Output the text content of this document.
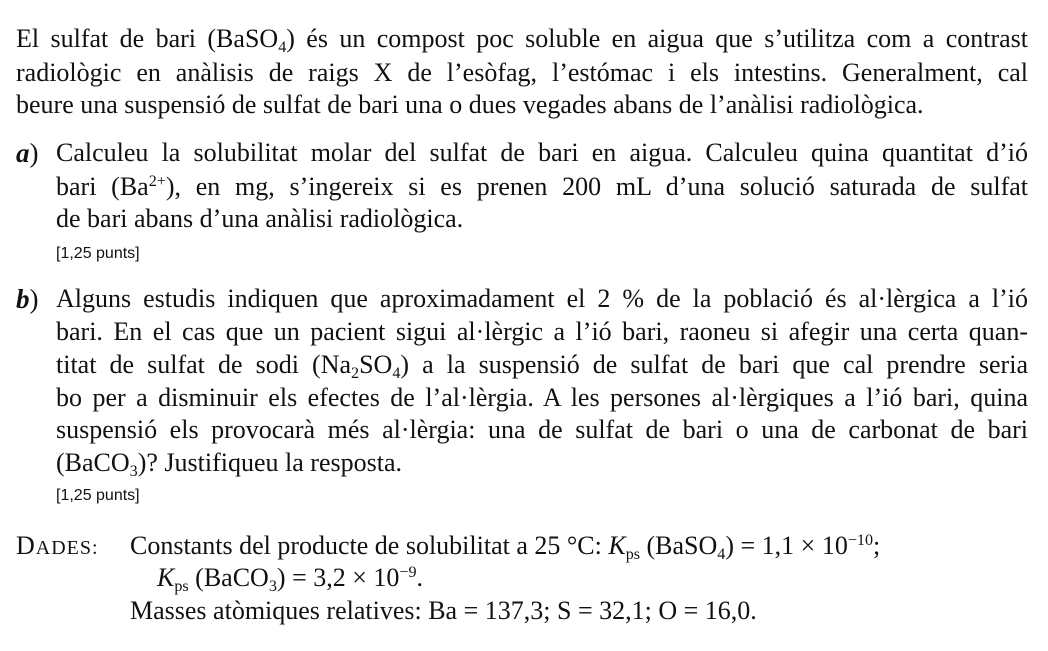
El sulfat de bari (BaSO$_4$) és un compost poc soluble en aigua que s’utilitza com a contrast
radiològic en anàlisis de raigs X de l’esòfag, l’estómac i els intestins. Generalment, cal
beure una suspensió de sulfat de bari una o dues vegades abans de l’anàlisi radiològica.
a) Calculeu la solubilitat molar del sulfat de bari en aigua. Calculeu quina quantitat d’ió
bari $(Ba^{2+})$, en mg, s’ingereix si es prenen 200 mL d’una solució saturada de sulfat
de bari abans d’una anàlisi radiològica.
[1,25 punts]
b) Alguns estudis indiquen que aproximadament el 2 % de la població és al·lèrgica a l’ió
bari. En el cas que un pacient sigui al·lèrgic a l’ió bari, raoneu si afegir una certa quan-
titat de sulfat de sodi $(Na_2SO_4)$ a la suspensió de sulfat de bari que cal prendre seria
bo per a disminuir els efectes de l’al·lèrgia. A les persones al·lèrgiques a l’ió bari, quina
suspensió els provocarà més al·lèrgia: una de sulfat de bari o una de carbonat de bari
(BaCO$_3$)? Justifiqueu la resposta.
[1,25 punts]
DADES: Constants del producte de solubilitat a 25 °C: $K_{ps}$ (BaSO$_4$) = $1,1 \times 10^{-10}$;
$K_{ps}$ (BaCO$_3$) = $3,2 \times 10^{-9}$.
Masses atòmiques relatives: Ba = 137,3; S = 32,1; O = 16,0.
